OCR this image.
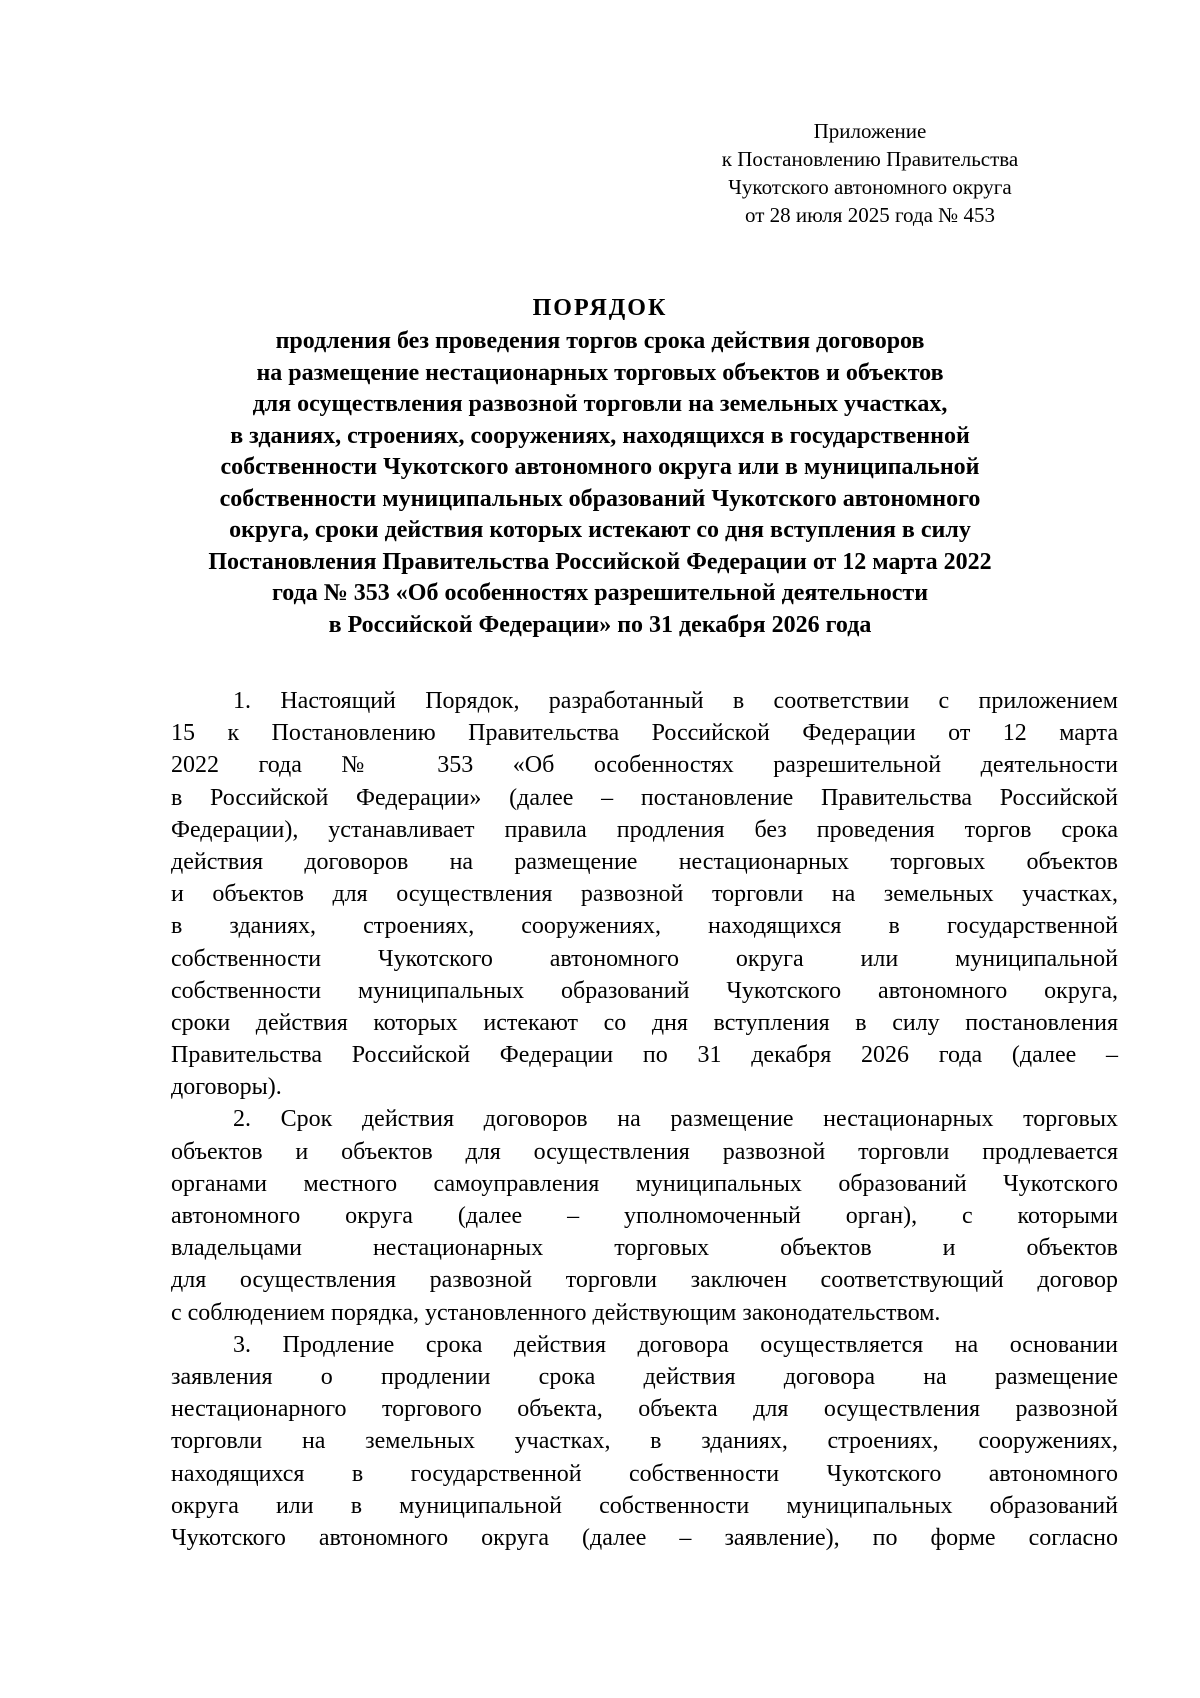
Приложение
к Постановлению Правительства
Чукотского автономного округа
от 28 июля 2025 года № 453
ПОРЯДОК
продления без проведения торгов срока действия договоров
на размещение нестационарных торговых объектов и объектов
для осуществления развозной торговли на земельных участках,
в зданиях, строениях, сооружениях, находящихся в государственной
собственности Чукотского автономного округа или в муниципальной
собственности муниципальных образований Чукотского автономного
округа, сроки действия которых истекают со дня вступления в силу
Постановления Правительства Российской Федерации от 12 марта 2022
года № 353 «Об особенностях разрешительной деятельности
в Российской Федерации» по 31 декабря 2026 года
1. Настоящий Порядок, разработанный в соответствии с приложением
15 к Постановлению Правительства Российской Федерации от 12 марта
2022 года № 353 «Об особенностях разрешительной деятельности
в Российской Федерации» (далее – постановление Правительства Российской
Федерации), устанавливает правила продления без проведения торгов срока
действия договоров на размещение нестационарных торговых объектов
и объектов для осуществления развозной торговли на земельных участках,
в зданиях, строениях, сооружениях, находящихся в государственной
собственности Чукотского автономного округа или муниципальной
собственности муниципальных образований Чукотского автономного округа,
сроки действия которых истекают со дня вступления в силу постановления
Правительства Российской Федерации по 31 декабря 2026 года (далее –
договоры).
2. Срок действия договоров на размещение нестационарных торговых
объектов и объектов для осуществления развозной торговли продлевается
органами местного самоуправления муниципальных образований Чукотского
автономного округа (далее – уполномоченный орган), с которыми
владельцами нестационарных торговых объектов и объектов
для осуществления развозной торговли заключен соответствующий договор
с соблюдением порядка, установленного действующим законодательством.
3. Продление срока действия договора осуществляется на основании
заявления о продлении срока действия договора на размещение
нестационарного торгового объекта, объекта для осуществления развозной
торговли на земельных участках, в зданиях, строениях, сооружениях,
находящихся в государственной собственности Чукотского автономного
округа или в муниципальной собственности муниципальных образований
Чукотского автономного округа (далее – заявление), по форме согласно
